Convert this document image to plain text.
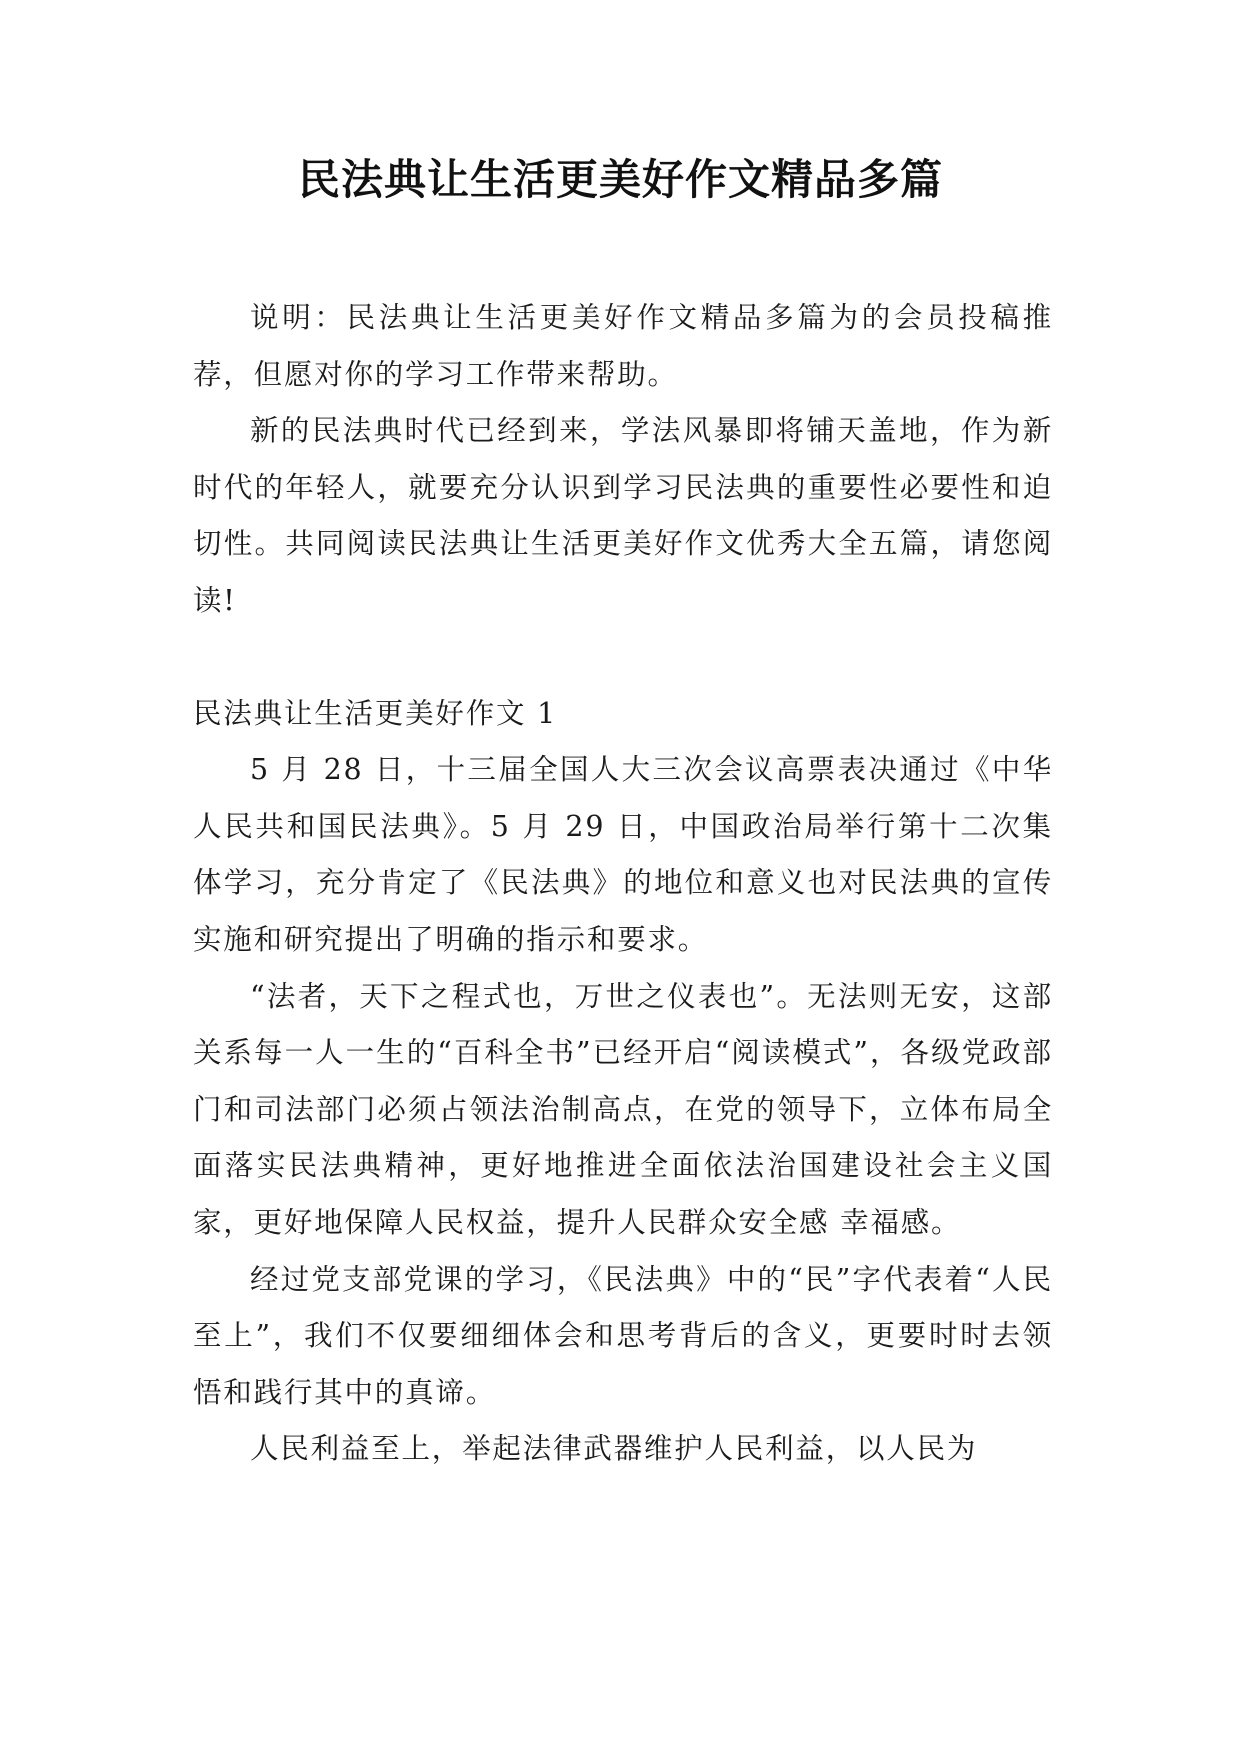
民法典让生活更美好作文精品多篇

说明：民法典让生活更美好作文精品多篇为的会员投稿推荐，但愿对你的学习工作带来帮助。

新的民法典时代已经到来，学法风暴即将铺天盖地，作为新时代的年轻人，就要充分认识到学习民法典的重要性必要性和迫切性。共同阅读民法典让生活更美好作文优秀大全五篇，请您阅读!

民法典让生活更美好作文 1

5 月 28 日，十三届全国人大三次会议高票表决通过《中华人民共和国民法典》。5 月 29 日，中国政治局举行第十二次集体学习，充分肯定了《民法典》的地位和意义也对民法典的宣传实施和研究提出了明确的指示和要求。

“法者，天下之程式也，万世之仪表也”。无法则无安，这部关系每一人一生的“百科全书”已经开启“阅读模式”，各级党政部门和司法部门必须占领法治制高点，在党的领导下，立体布局全面落实民法典精神，更好地推进全面依法治国建设社会主义国家，更好地保障人民权益，提升人民群众安全感 幸福感。

经过党支部党课的学习，《民法典》中的“民”字代表着“人民至上”，我们不仅要细细体会和思考背后的含义，更要时时去领悟和践行其中的真谛。

人民利益至上，举起法律武器维护人民利益，以人民为
